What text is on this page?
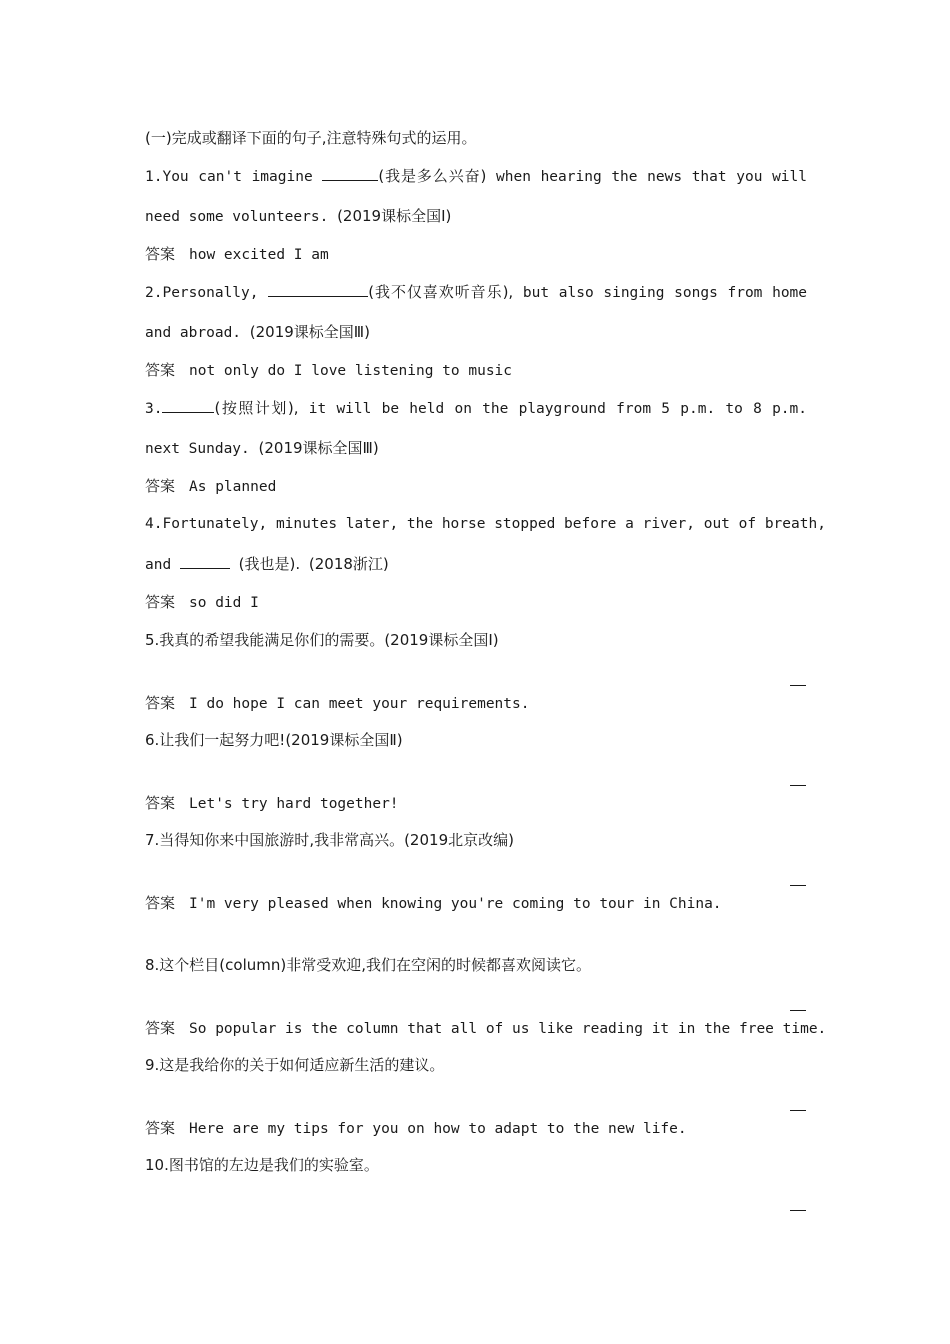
(一)完成或翻译下面的句子,注意特殊句式的运用。
1.You can't imagine	(我是多么兴奋) when hearing the news that you will
need some volunteers. (2019课标全国Ⅰ)
答案 how excited I am
2.Personally,	(我不仅喜欢听音乐), but also singing songs from home
and abroad. (2019课标全国Ⅲ)
答案 not only do I love listening to music
3.	(按照计划), it will be held on the playground from 5 p.m. to 8 p.m.
next Sunday. (2019课标全国Ⅲ)
答案 As planned
4.Fortunately, minutes later, the horse stopped before a river, out of breath,
and	(我也是). (2018浙江)
答案 so did I
5.我真的希望我能满足你们的需要。(2019课标全国Ⅰ)
答案 I do hope I can meet your requirements.
6.让我们一起努力吧!(2019课标全国Ⅱ)
答案 Let's try hard together!
7.当得知你来中国旅游时,我非常高兴。(2019北京改编)
答案 I'm very pleased when knowing you're coming to tour in China.
8.这个栏目(column)非常受欢迎,我们在空闲的时候都喜欢阅读它。
答案 So popular is the column that all of us like reading it in the free time.
9.这是我给你的关于如何适应新生活的建议。
答案 Here are my tips for you on how to adapt to the new life.
10.图书馆的左边是我们的实验室。
